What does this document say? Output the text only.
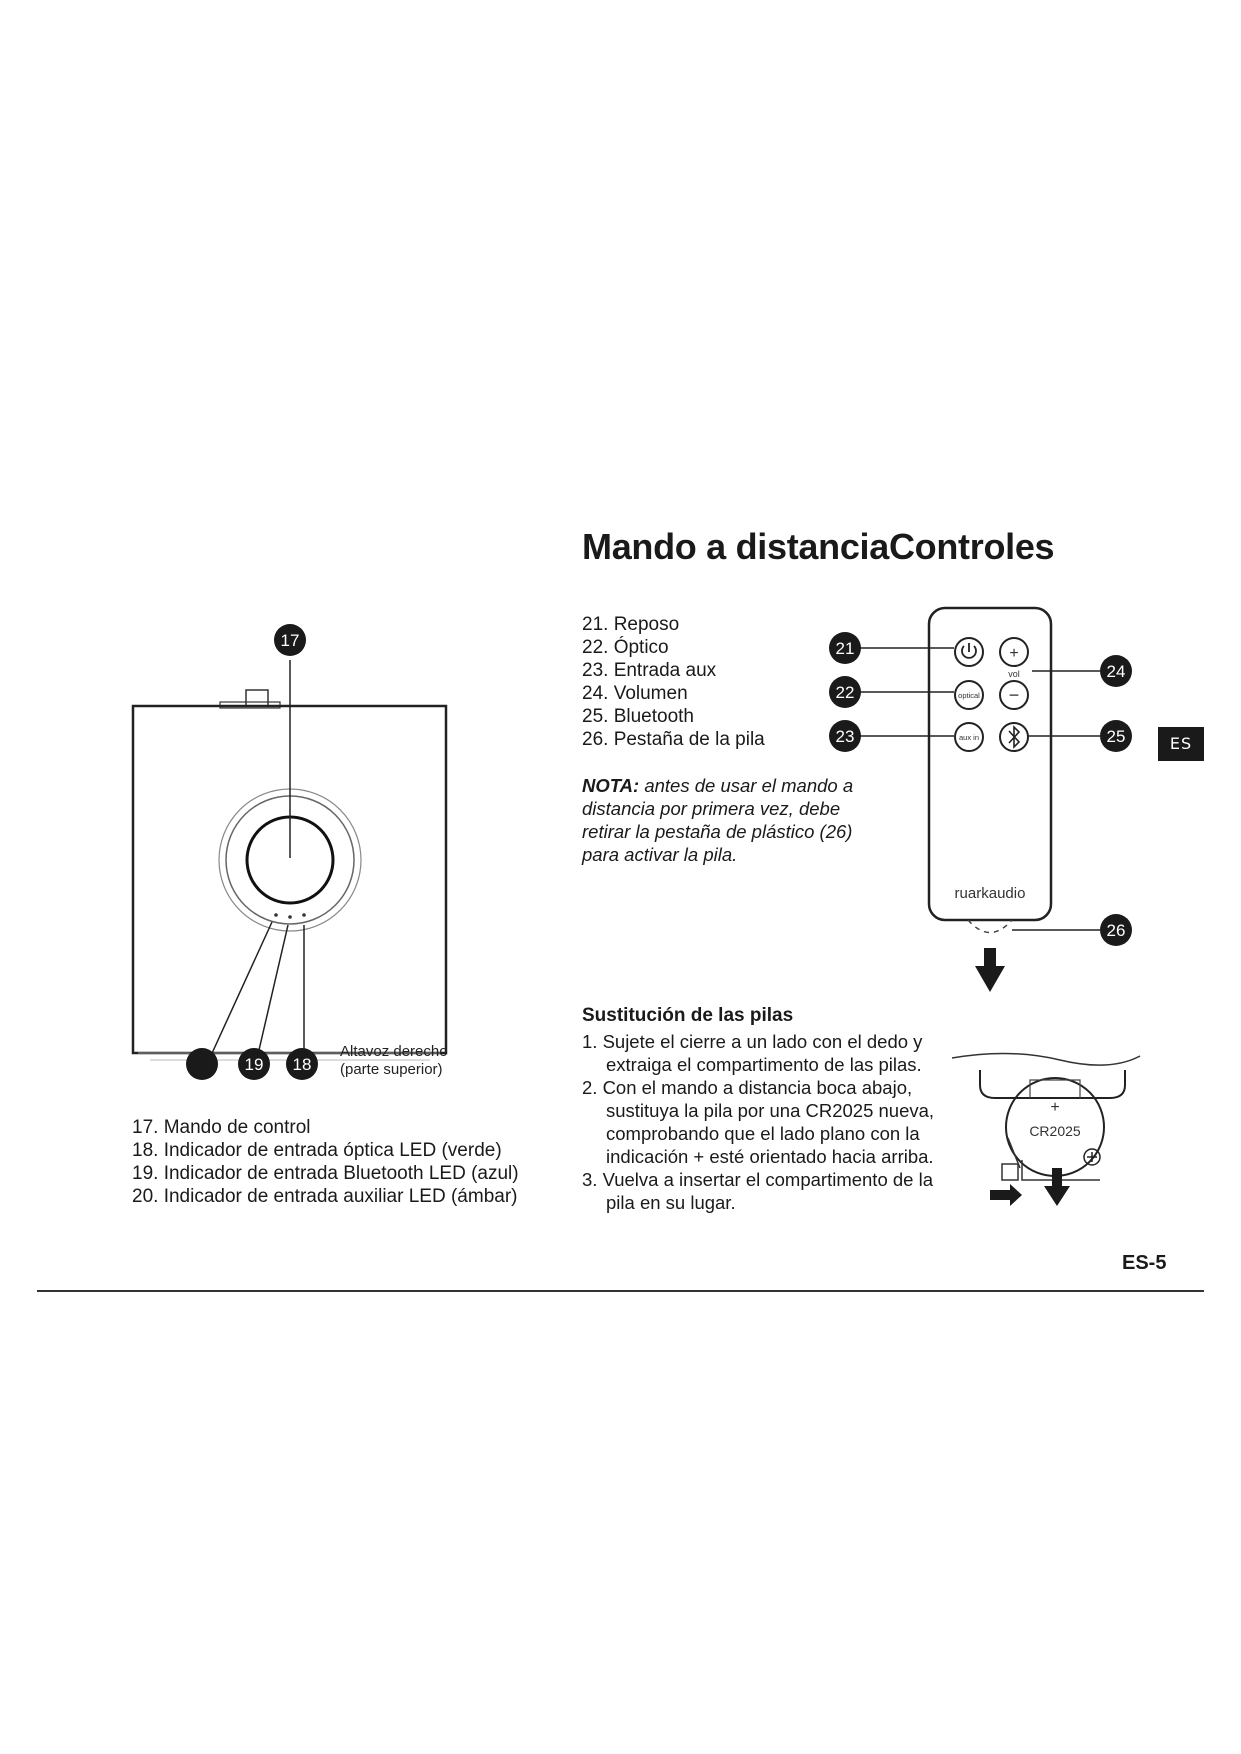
17
19 18
optical
aux in
+
vol
−
ruarkaudio
21
22
23
24
25
26
+
CR2025
Mando a distanciaControles
21. Reposo
22. Óptico
23. Entrada aux
24. Volumen
25. Bluetooth
26. Pestaña de la pila
NOTA: antes de usar el mando a distancia por primera vez, debe retirar la pestaña de plástico (26) para activar la pila.
Altavoz derecho
(parte superior)
17. Mando de control
18. Indicador de entrada óptica LED (verde)
19. Indicador de entrada Bluetooth LED (azul)
20. Indicador de entrada auxiliar LED (ámbar)
Sustitución de las pilas
1. Sujete el cierre a un lado con el dedo y extraiga el compartimento de las pilas.
2. Con el mando a distancia boca abajo, sustituya la pila por una CR2025 nueva, comprobando que el lado plano con la indicación + esté orientado hacia arriba.
3. Vuelva a insertar el compartimento de la pila en su lugar.
ES
ES-5
